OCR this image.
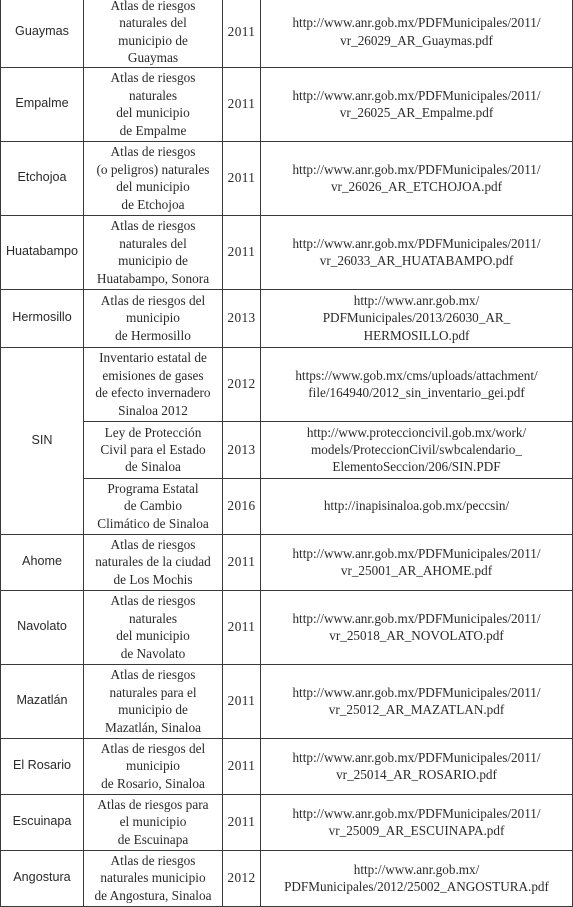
Guaymas	Atlas de riesgos
naturales del
municipio de
Guaymas	2011	http://www.anr.gob.mx/PDFMunicipales/2011/
vr_26029_AR_Guaymas.pdf

Empalme	Atlas de riesgos
naturales
del municipio
de Empalme	2011	http://www.anr.gob.mx/PDFMunicipales/2011/
vr_26025_AR_Empalme.pdf

Etchojoa	Atlas de riesgos
(o peligros) naturales
del municipio
de Etchojoa	2011	http://www.anr.gob.mx/PDFMunicipales/2011/
vr_26026_AR_ETCHOJOA.pdf

Huatabampo	Atlas de riesgos
naturales del
municipio de
Huatabampo, Sonora	2011	http://www.anr.gob.mx/PDFMunicipales/2011/
vr_26033_AR_HUATABAMPO.pdf

Hermosillo	Atlas de riesgos del
municipio
de Hermosillo	2013	http://www.anr.gob.mx/
PDFMunicipales/2013/26030_AR_
HERMOSILLO.pdf

SIN	Inventario estatal de
emisiones de gases
de efecto invernadero
Sinaloa 2012	2012	https://www.gob.mx/cms/uploads/attachment/
file/164940/2012_sin_inventario_gei.pdf

	Ley de Protección
Civil para el Estado
de Sinaloa	2013	http://www.proteccioncivil.gob.mx/work/
models/ProteccionCivil/swbcalendario_
ElementoSeccion/206/SIN.PDF

	Programa Estatal
de Cambio
Climático de Sinaloa	2016	http://inapisinaloa.gob.mx/peccsin/

Ahome	Atlas de riesgos
naturales de la ciudad
de Los Mochis	2011	http://www.anr.gob.mx/PDFMunicipales/2011/
vr_25001_AR_AHOME.pdf

Navolato	Atlas de riesgos
naturales
del municipio
de Navolato	2011	http://www.anr.gob.mx/PDFMunicipales/2011/
vr_25018_AR_NOVOLATO.pdf

Mazatlán	Atlas de riesgos
naturales para el
municipio de
Mazatlán, Sinaloa	2011	http://www.anr.gob.mx/PDFMunicipales/2011/
vr_25012_AR_MAZATLAN.pdf

El Rosario	Atlas de riesgos del
municipio
de Rosario, Sinaloa	2011	http://www.anr.gob.mx/PDFMunicipales/2011/
vr_25014_AR_ROSARIO.pdf

Escuinapa	Atlas de riesgos para
el municipio
de Escuinapa	2011	http://www.anr.gob.mx/PDFMunicipales/2011/
vr_25009_AR_ESCUINAPA.pdf

Angostura	Atlas de riesgos
naturales municipio
de Angostura, Sinaloa	2012	http://www.anr.gob.mx/
PDFMunicipales/2012/25002_ANGOSTURA.pdf
